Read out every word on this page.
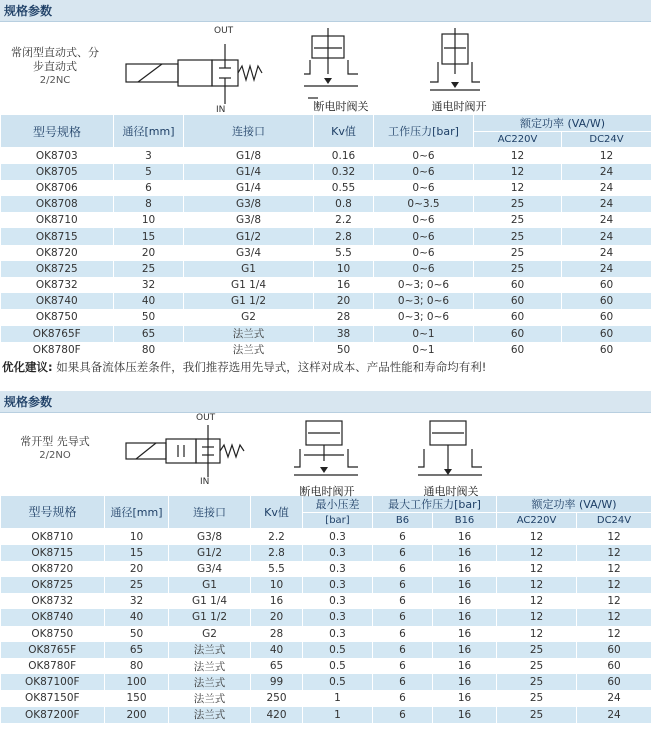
规格参数
常闭型直动式、分
步直动式
2/2NC
OUT
IN	断电时阀关	通电时阀开
型号规格	通径[mm]	连接口	Kv值	工作压力[bar]	额定功率 (VA/W)	
					AC220V	DC24V
OK8703	3	G1/8	0.16	0~6	12	12
OK8705	5	G1/4	0.32	0~6	12	24
OK8706	6	G1/4	0.55	0~6	12	24
OK8708	8	G3/8	0.8	0~3.5	25	24
OK8710	10	G3/8	2.2	0~6	25	24
OK8715	15	G1/2	2.8	0~6	25	24
OK8720	20	G3/4	5.5	0~6	25	24
OK8725	25	G1	10	0~6	25	24
OK8732	32	G1 1/4	16	0~3; 0~6	60	60
OK8740	40	G1 1/2	20	0~3; 0~6	60	60
OK8750	50	G2	28	0~3; 0~6	60	60
OK8765F	65	法兰式	38	0~1	60	60
OK8780F	80	法兰式	50	0~1	60	60
优化建议: 如果具备流体压差条件，我们推荐选用先导式，这样对成本、产品性能和寿命均有利!
规格参数
常开型 先导式
2/2NO
OUT
IN
断电时阀开	通电时阀关
型号规格	通径[mm]	连接口	Kv值	最小压差	最大工作压力[bar]		额定功率 (VA/W)	
				[bar]	B6	B16	AC220V	DC24V
OK8710	10	G3/8	2.2	0.3	6	16	12	12
OK8715	15	G1/2	2.8	0.3	6	16	12	12
OK8720	20	G3/4	5.5	0.3	6	16	12	12
OK8725	25	G1	10	0.3	6	16	12	12
OK8732	32	G1 1/4	16	0.3	6	16	12	12
OK8740	40	G1 1/2	20	0.3	6	16	12	12
OK8750	50	G2	28	0.3	6	16	12	12
OK8765F	65	法兰式	40	0.5	6	16	25	60
OK8780F	80	法兰式	65	0.5	6	16	25	60
OK87100F	100	法兰式	99	0.5	6	16	25	60
OK87150F	150	法兰式	250	1	6	16	25	24
OK87200F	200	法兰式	420	1	6	16	25	24
